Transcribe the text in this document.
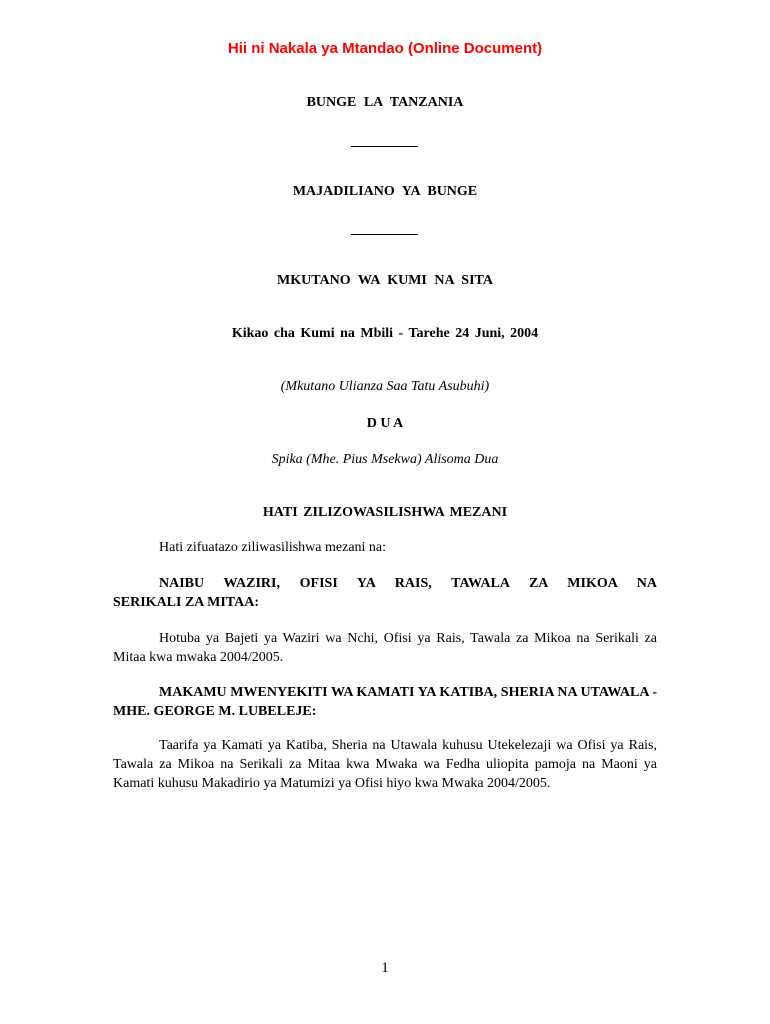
Hii ni Nakala ya Mtandao (Online Document)
BUNGE LA TANZANIA
MAJADILIANO YA BUNGE
MKUTANO WA KUMI NA SITA
Kikao cha Kumi na Mbili - Tarehe 24 Juni, 2004
(Mkutano Ulianza Saa Tatu Asubuhi)
D U A
Spika (Mhe. Pius Msekwa) Alisoma Dua
HATI ZILIZOWASILISHWA MEZANI
Hati zifuatazo ziliwasilishwa mezani na:
NAIBU WAZIRI, OFISI YA RAIS, TAWALA ZA MIKOA NA
SERIKALI ZA MITAA:

Hotuba ya Bajeti ya Waziri wa Nchi, Ofisi ya Rais, Tawala za Mikoa na Serikali za Mitaa kwa mwaka 2004/2005.

MAKAMU MWENYEKITI WA KAMATI YA KATIBA, SHERIA NA UTAWALA - MHE. GEORGE M. LUBELEJE:

Taarifa ya Kamati ya Katiba, Sheria na Utawala kuhusu Utekelezaji wa Ofisi ya Rais, Tawala za Mikoa na Serikali za Mitaa kwa Mwaka wa Fedha uliopita pamoja na Maoni ya Kamati kuhusu Makadirio ya Matumizi ya Ofisi hiyo kwa Mwaka 2004/2005.

1
